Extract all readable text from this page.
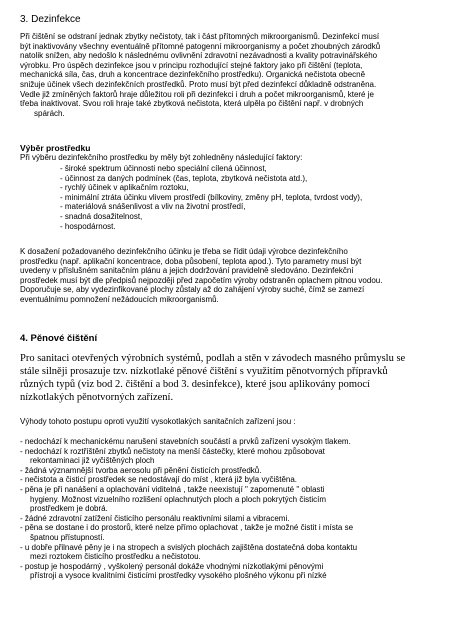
3. Dezinfekce
Při čištění se odstraní jednak zbytky nečistoty, tak i část přítomných mikroorganismů. Dezinfekcí musí
být inaktivovány všechny eventuálně přítomné patogenní mikroorganismy a počet zhoubných zárodků
natolik snížen, aby nedošlo k následnému ovlivnění zdravotní nezávadnosti a kvality potravinářského
výrobku. Pro úspěch dezinfekce jsou v principu rozhodující stejné faktory jako při čištění (teplota,
mechanická síla, čas, druh a koncentrace dezinfekčního prostředku). Organická nečistota obecně
snižuje účinek všech dezinfekčních prostředků. Proto musí být před dezinfekcí důkladně odstraněna.
Vedle již zmíněných faktorů hraje důležitou roli při dezinfekci i druh a počet mikroorganismů, které je
třeba inaktivovat. Svou roli hraje také zbytková nečistota, která ulpěla po čištění např. v drobných
spárách.
Výběr prostředku
Při výběru dezinfekčního prostředku by měly být zohledněny následující faktory:
- široké spektrum účinnosti nebo speciální cílená účinnost,
- účinnost za daných podmínek (čas, teplota, zbytková nečistota atd.),
- rychlý účinek v aplikačním roztoku,
- minimální ztráta účinku vlivem prostředí (bílkoviny, změny pH, teplota, tvrdost vody),
- materiálová snášenlivost a vliv na životní prostředí,
- snadná dosažitelnost,
- hospodárnost.
K dosažení požadovaného dezinfekčního účinku je třeba se řídit údaji výrobce dezinfekčního
prostředku (např. aplikační koncentrace, doba působení, teplota apod.). Tyto parametry musí být
uvedeny v příslušném sanitačním plánu a jejich dodržování pravidelně sledováno. Dezinfekční
prostředek musí být dle předpisů nejpozději před započetím výroby odstraněn oplachem pitnou vodou.
Doporučuje se, aby vydezinfikované plochy zůstaly až do zahájení výroby suché, čímž se zamezí
eventuálnímu pomnožení nežádoucích mikroorganismů.
4. Pěnové čištění
Pro sanitaci otevřených výrobních systémů, podlah a stěn v závodech masného průmyslu se
stále silněji prosazuje tzv. nízkotlaké pěnové čištění s využitím pěnotvorných přípravků
různých typů (viz bod 2. čištění a bod 3. desinfekce), které jsou aplikovány pomocí
nízkotlakých pěnotvorných zařízení.
Výhody tohoto postupu oproti využití vysokotlakých sanitačních zařízení jsou :
- nedochází k mechanickému narušení stavebních součástí a prvků zařízení vysokým tlakem.
- nedochází k roztříštění zbytků nečistoty na menší částečky, které mohou způsobovat
rekontaminaci již vyčištěných ploch
- žádná významnější tvorba aerosolu při pěnění čisticích prostředků.
- nečistota a čisticí prostředek se nedostávají do míst , která již byla vyčištěna.
- pěna je při nanášení a oplachování viditelná , takže neexistují " zapomenuté " oblasti
hygieny. Možnost vizuelního rozlišení oplachnutých ploch a ploch pokrytých čisticím
prostředkem je dobrá.
- žádné zdravotní zatížení čisticího personálu reaktivními silami a vibracemi.
- pěna se dostane i do prostorů, které nelze přímo oplachovat , takže je možné čistit i místa se
špatnou přístupností.
- u dobře přilnavé pěny je i na stropech a svislých plochách zajištěna dostatečná doba kontaktu
mezi roztokem čisticího prostředku a nečistotou.
- postup je hospodárný , vyškolený personál dokáže vhodnými nízkotlakými pěnovými
přístroji a vysoce kvalitními čisticími prostředky vysokého plošného výkonu při nízké
